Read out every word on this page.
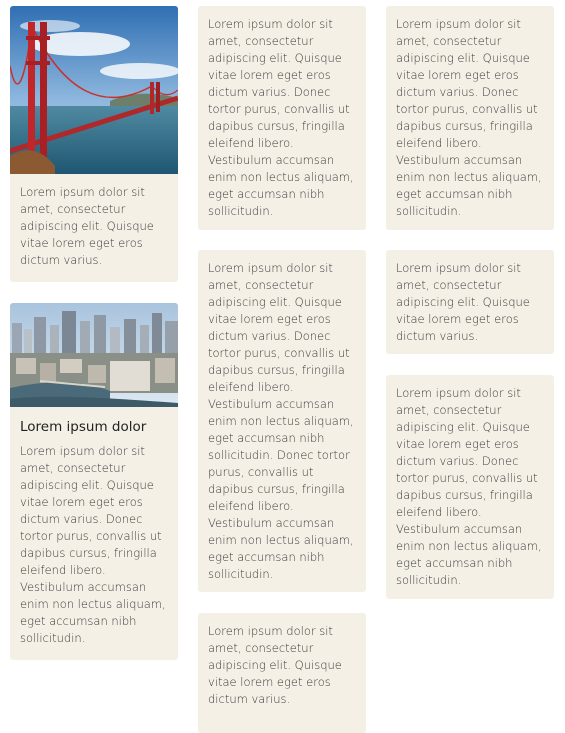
Lorem ipsum dolor sit amet, consectetur adipiscing elit. Quisque vitae lorem eget eros dictum varius.

Lorem ipsum dolor

Lorem ipsum dolor sit amet, consectetur adipiscing elit. Quisque vitae lorem eget eros dictum varius. Donec tortor purus, convallis ut dapibus cursus, fringilla eleifend libero. Vestibulum accumsan enim non lectus aliquam, eget accumsan nibh sollicitudin.

Lorem ipsum dolor sit amet, consectetur adipiscing elit. Quisque vitae lorem eget eros dictum varius. Donec tortor purus, convallis ut dapibus cursus, fringilla eleifend libero. Vestibulum accumsan enim non lectus aliquam, eget accumsan nibh sollicitudin.

Lorem ipsum dolor sit amet, consectetur adipiscing elit. Quisque vitae lorem eget eros dictum varius. Donec tortor purus, convallis ut dapibus cursus, fringilla eleifend libero. Vestibulum accumsan enim non lectus aliquam, eget accumsan nibh sollicitudin. Donec tortor purus, convallis ut dapibus cursus, fringilla eleifend libero. Vestibulum accumsan enim non lectus aliquam, eget accumsan nibh sollicitudin.

Lorem ipsum dolor sit amet, consectetur adipiscing elit. Quisque vitae lorem eget eros dictum varius.

Lorem ipsum dolor sit amet, consectetur adipiscing elit. Quisque vitae lorem eget eros dictum varius. Donec tortor purus, convallis ut dapibus cursus, fringilla eleifend libero. Vestibulum accumsan enim non lectus aliquam, eget accumsan nibh sollicitudin.

Lorem ipsum dolor sit amet, consectetur adipiscing elit. Quisque vitae lorem eget eros dictum varius.

Lorem ipsum dolor sit amet, consectetur adipiscing elit. Quisque vitae lorem eget eros dictum varius. Donec tortor purus, convallis ut dapibus cursus, fringilla eleifend libero. Vestibulum accumsan enim non lectus aliquam, eget accumsan nibh sollicitudin.
